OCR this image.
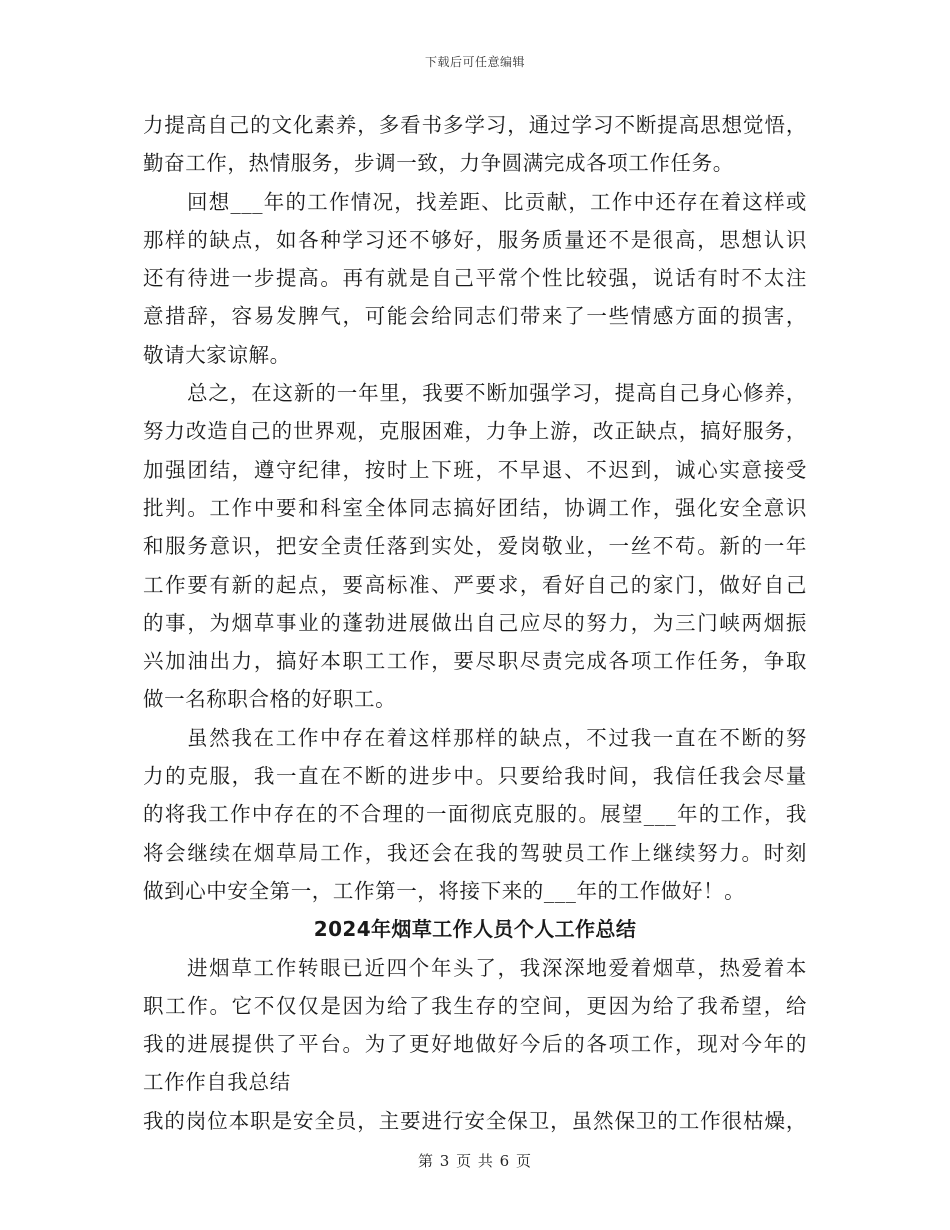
下载后可任意编辑
力提高自己的文化素养，多看书多学习，通过学习不断提高思想觉悟，
勤奋工作，热情服务，步调一致，力争圆满完成各项工作任务。
回想___年的工作情况，找差距、比贡献，工作中还存在着这样或
那样的缺点，如各种学习还不够好，服务质量还不是很高，思想认识
还有待进一步提高。再有就是自己平常个性比较强，说话有时不太注
意措辞，容易发脾气，可能会给同志们带来了一些情感方面的损害，
敬请大家谅解。
总之，在这新的一年里，我要不断加强学习，提高自己身心修养，
努力改造自己的世界观，克服困难，力争上游，改正缺点，搞好服务，
加强团结，遵守纪律，按时上下班，不早退、不迟到，诚心实意接受
批判。工作中要和科室全体同志搞好团结，协调工作，强化安全意识
和服务意识，把安全责任落到实处，爱岗敬业，一丝不苟。新的一年
工作要有新的起点，要高标准、严要求，看好自己的家门，做好自己
的事，为烟草事业的蓬勃进展做出自己应尽的努力，为三门峡两烟振
兴加油出力，搞好本职工工作，要尽职尽责完成各项工作任务，争取
做一名称职合格的好职工。
虽然我在工作中存在着这样那样的缺点，不过我一直在不断的努
力的克服，我一直在不断的进步中。只要给我时间，我信任我会尽量
的将我工作中存在的不合理的一面彻底克服的。展望___年的工作，我
将会继续在烟草局工作，我还会在我的驾驶员工作上继续努力。时刻
做到心中安全第一，工作第一，将接下来的___年的工作做好！。
2024年烟草工作人员个人工作总结
进烟草工作转眼已近四个年头了，我深深地爱着烟草，热爱着本
职工作。它不仅仅是因为给了我生存的空间，更因为给了我希望，给
我的进展提供了平台。为了更好地做好今后的各项工作，现对今年的
工作作自我总结
我的岗位本职是安全员，主要进行安全保卫，虽然保卫的工作很枯燥，
第 3 页 共 6 页
